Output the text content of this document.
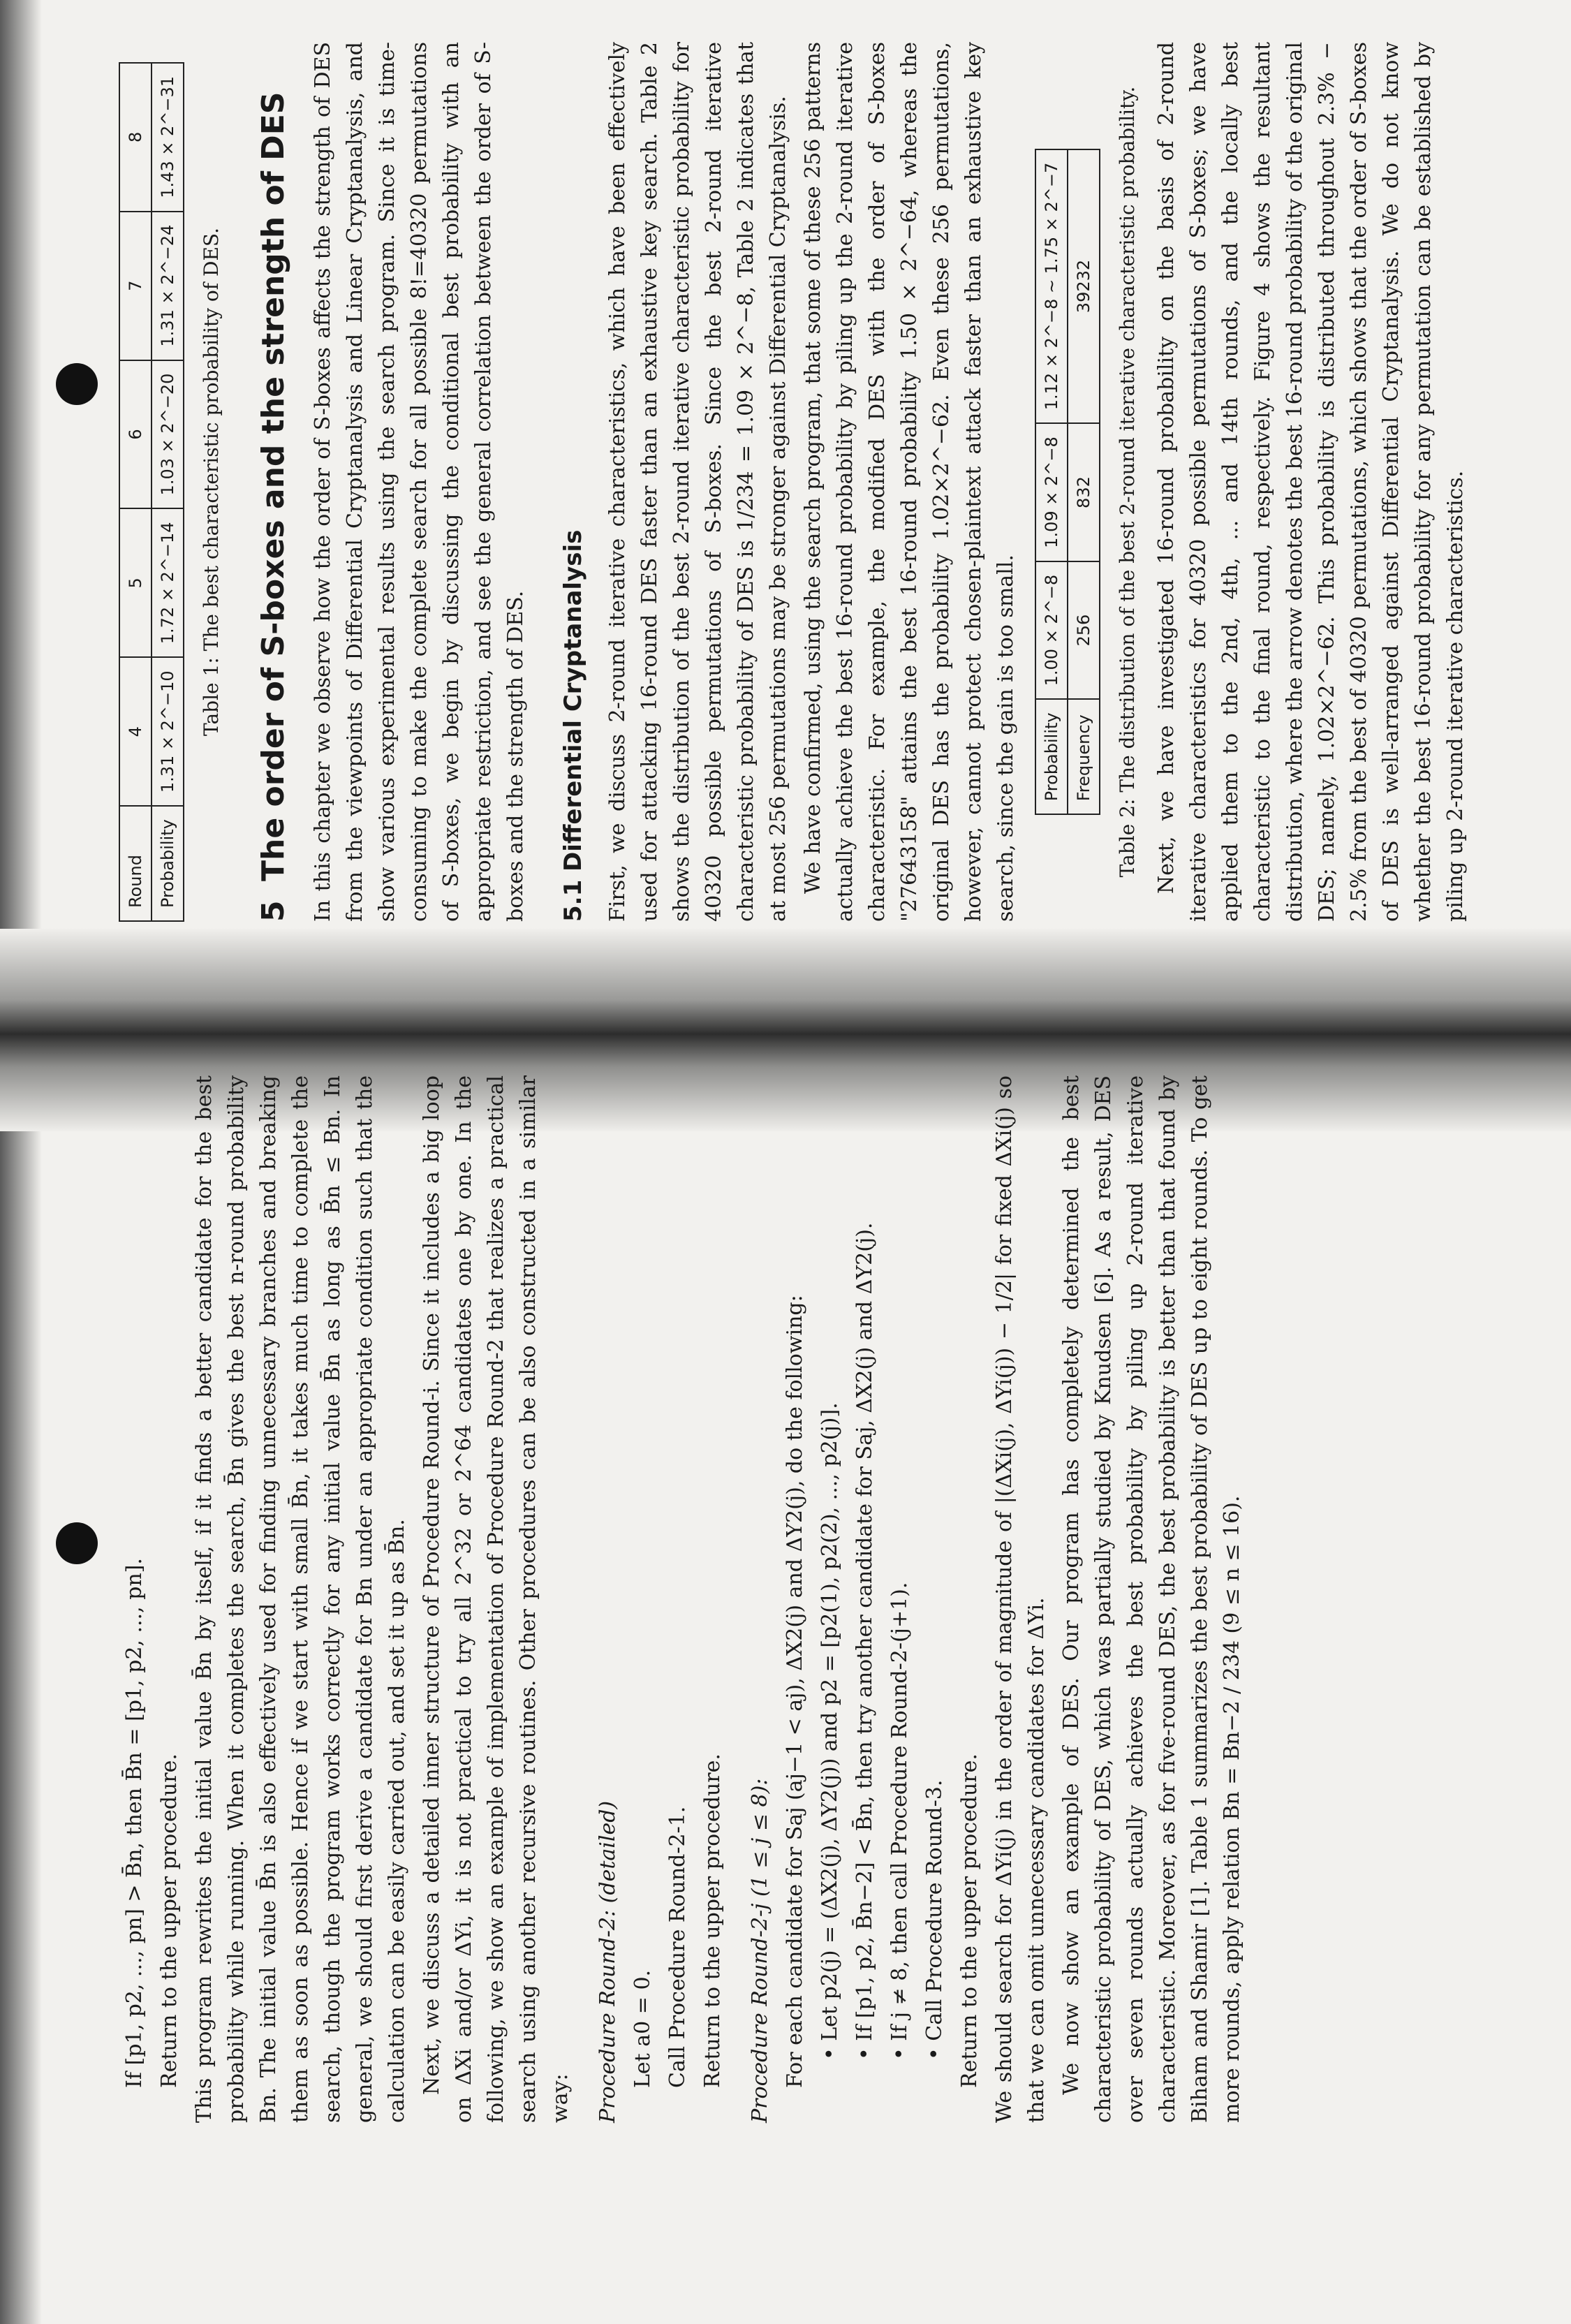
Round	4	5	6	7	8
Probability	1.31 × 2^−10	1.72 × 2^−14	1.03 × 2^−20	1.31 × 2^−24	1.43 × 2^−31
Table 1: The best characteristic probability of DES.
5The order of S-boxes and the strength of DES In this chapter we observe how the order of S-boxes affects the strength of DES from the viewpoints of Differential Cryptanalysis and Linear Cryptanalysis, and show various experimental results using the search program. Since it is time-consuming to make the complete search for all possible 8!=40320 permutations of S-boxes, we begin by discussing the conditional best probability with an appropriate restriction, and see the general correlation between the order of S-boxes and the strength of DES. 5.1Differential Cryptanalysis First, we discuss 2-round iterative characteristics, which have been effectively used for attacking 16-round DES faster than an exhaustive key search. Table 2 shows the distribution of the best 2-round iterative characteristic probability for 40320 possible permutations of S-boxes. Since the best 2-round iterative characteristic probability of DES is 1/234 = 1.09 × 2^−8, Table 2 indicates that at most 256 permutations may be stronger against Differential Cryptanalysis. We have confirmed, using the search program, that some of these 256 patterns actually achieve the best 16-round probability by piling up the 2-round iterative characteristic. For example, the modified DES with the order of S-boxes "27643158" attains the best 16-round probability 1.50 × 2^−64, whereas the original DES has the probability 1.02×2^−62. Even these 256 permutations, however, cannot protect chosen-plaintext attack faster than an exhaustive key search, since the gain is too small. Probability	1.00 × 2^−8	1.09 × 2^−8	1.12 × 2^−8 ∼ 1.75 × 2^−7
Frequency	256	832	39232 Table 2: The distribution of the best 2-round iterative characteristic probability. Next, we have investigated 16-round probability on the basis of 2-round iterative characteristics for 40320 possible permutations of S-boxes; we have applied them to the 2nd, 4th, ... and 14th rounds, and the locally best characteristic to the final round, respectively. Figure 4 shows the resultant distribution, where the arrow denotes the best 16-round probability of the original DES; namely, 1.02×2^−62. This probability is distributed throughout 2.3% − 2.5% from the best of 40320 permutations, which shows that the order of S-boxes of DES is well-arranged against Differential Cryptanalysis. We do not know whether the best 16-round probability for any permutation can be established by piling up 2-round iterative characteristics.

If [p1, p2, ..., pn] > B̄n, then B̄n = [p1, p2, ..., pn]. Return to the upper procedure. This program rewrites the initial value B̄n by itself, if it finds a better candidate for the best probability while running. When it completes the search, B̄n gives the best n-round probability Bn. The initial value B̄n is also effectively used for finding unnecessary branches and breaking them as soon as possible. Hence if we start with small B̄n, it takes much time to complete the search, though the program works correctly for any initial value B̄n as long as B̄n ≤ Bn. In general, we should first derive a candidate for Bn under an appropriate condition such that the calculation can be easily carried out, and set it up as B̄n. Next, we discuss a detailed inner structure of Procedure Round-i. Since it includes a big loop on ΔXi and/or ΔYi, it is not practical to try all 2^32 or 2^64 candidates one by one. In the following, we show an example of implementation of Procedure Round-2 that realizes a practical search using another recursive routines. Other procedures can be also constructed in a similar way: Procedure Round-2: (detailed) Let a0 = 0. Call Procedure Round-2-1. Return to the upper procedure. Procedure Round-2-j (1 ≤ j ≤ 8): For each candidate for Saj (aj−1 < aj), ΔX2(j) and ΔY2(j), do the following: • Let p2(j) = (ΔX2(j), ΔY2(j)) and p2 = [p2(1), p2(2), ..., p2(j)]. • If [p1, p2, B̄n−2] < B̄n, then try another candidate for Saj, ΔX2(j) and ΔY2(j). • If j ≠ 8, then call Procedure Round-2-(j+1). • Call Procedure Round-3. Return to the upper procedure. We should search for ΔYi(j) in the order of magnitude of |(ΔXi(j), ΔYi(j)) − 1/2| for fixed ΔXi(j) so that we can omit unnecessary candidates for ΔYi. We now show an example of DES. Our program has completely determined the best characteristic probability of DES, which was partially studied by Knudsen [6]. As a result, DES over seven rounds actually achieves the best probability by piling up 2-round iterative characteristic. Moreover, as for five-round DES, the best probability is better than that found by Biham and Shamir [1]. Table 1 summarizes the best probability of DES up to eight rounds. To get more rounds, apply relation Bn = Bn−2 / 234 (9 ≤ n ≤ 16).
